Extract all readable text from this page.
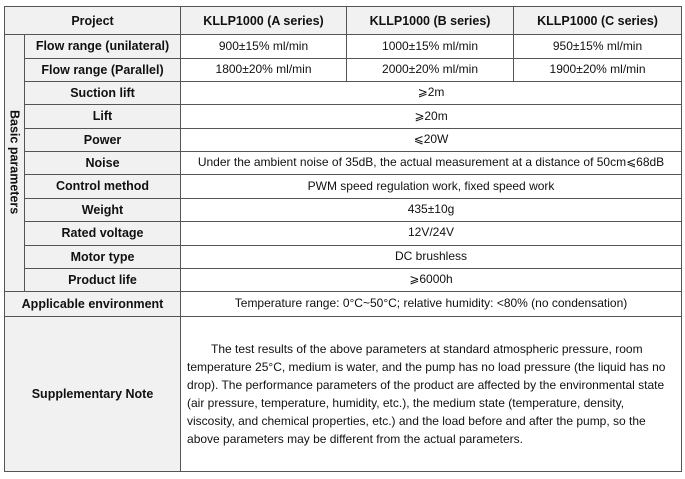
Project		KLLP1000 (A series)	KLLP1000 (B series)	KLLP1000 (C series)
Basic parameters	Flow range (unilateral)	900±15% ml/min	1000±15% ml/min	950±15% ml/min
	Flow range (Parallel)	1800±20% ml/min	2000±20% ml/min	1900±20% ml/min
	Suction lift	⩾2m		
	Lift	⩾20m		
	Power	⩽20W		
	Noise	Under the ambient noise of 35dB, the actual measurement at a distance of 50cm⩽68dB		
	Control method	PWM speed regulation work, fixed speed work		
	Weight	435±10g		
	Rated voltage	12V/24V		
	Motor type	DC brushless		
	Product life	⩾6000h		
Applicable environment		Temperature range: 0°C~50°C; relative humidity: <80% (no condensation)		
Supplementary Note		The test results of the above parameters at standard atmospheric pressure, room temperature 25°C, medium is water, and the pump has no load pressure (the liquid has no drop). The performance parameters of the product are affected by the environmental state (air pressure, temperature, humidity, etc.), the medium state (temperature, density, viscosity, and chemical properties, etc.) and the load before and after the pump, so the above parameters may be different from the actual parameters.		
